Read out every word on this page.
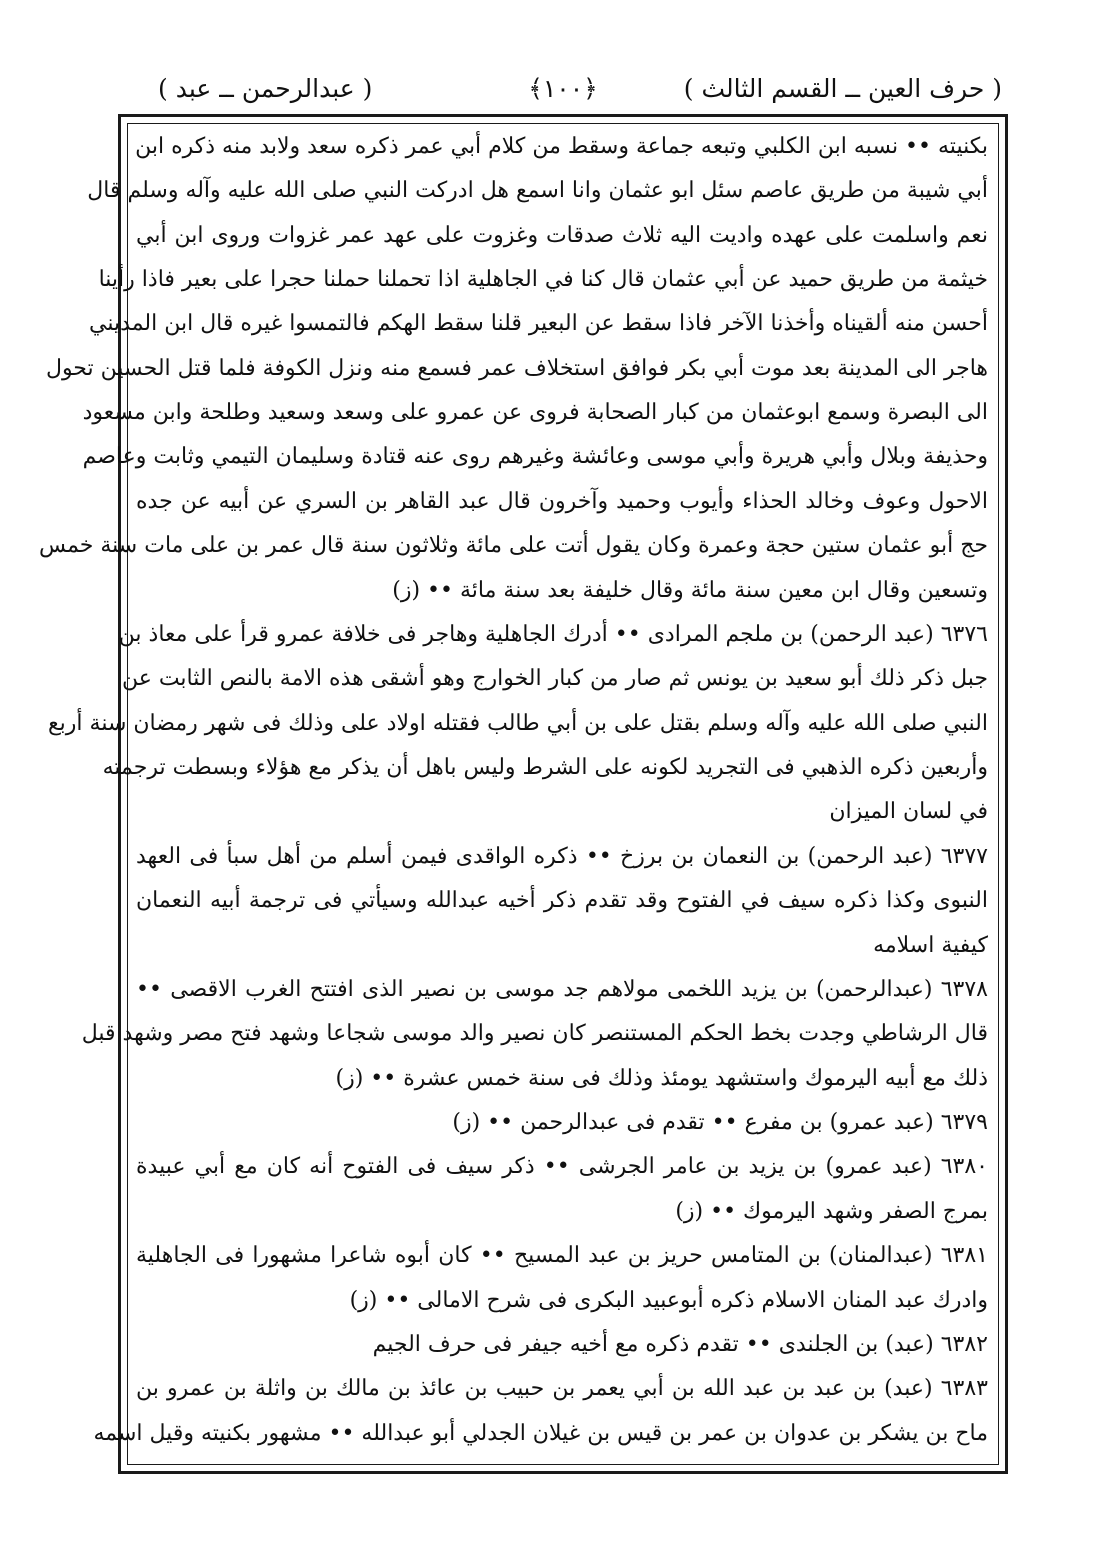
( حرف العين ــ القسم الثالث )
﴿١٠٠﴾
( عبدالرحمن ــ عبد )
بكنيته •• نسبه ابن الكلبي وتبعه جماعة وسقط من كلام أبي عمر ذكره سعد ولابد منه ذكره ابن
أبي شيبة من طريق عاصم سئل ابو عثمان وانا اسمع هل ادركت النبي صلى الله عليه وآله وسلم قال
نعم واسلمت على عهده واديت اليه ثلاث صدقات وغزوت على عهد عمر غزوات وروى ابن أبي
خيثمة من طريق حميد عن أبي عثمان قال كنا في الجاهلية اذا تحملنا حملنا حجرا على بعير فاذا رأينا
أحسن منه ألقيناه وأخذنا الآخر فاذا سقط عن البعير قلنا سقط الهكم فالتمسوا غيره قال ابن المديني
هاجر الى المدينة بعد موت أبي بكر فوافق استخلاف عمر فسمع منه ونزل الكوفة فلما قتل الحسين تحول
الى البصرة وسمع ابوعثمان من كبار الصحابة فروى عن عمرو على وسعد وسعيد وطلحة وابن مسعود
وحذيفة وبلال وأبي هريرة وأبي موسى وعائشة وغيرهم روى عنه قتادة وسليمان التيمي وثابت وعاصم
الاحول وعوف وخالد الحذاء وأيوب وحميد وآخرون قال عبد القاهر بن السري عن أبيه عن جده
حج أبو عثمان ستين حجة وعمرة وكان يقول أتت على مائة وثلاثون سنة قال عمر بن على مات سنة خمس
وتسعين وقال ابن معين سنة مائة وقال خليفة بعد سنة مائة •• (ز)
٦٣٧٦ (عبد الرحمن) بن ملجم المرادى •• أدرك الجاهلية وهاجر فى خلافة عمرو قرأ على معاذ بن
جبل ذكر ذلك أبو سعيد بن يونس ثم صار من كبار الخوارج وهو أشقى هذه الامة بالنص الثابت عن
النبي صلى الله عليه وآله وسلم بقتل على بن أبي طالب فقتله اولاد على وذلك فى شهر رمضان سنة أربع
وأربعين ذكره الذهبي فى التجريد لكونه على الشرط وليس باهل أن يذكر مع هؤلاء وبسطت ترجمته
في لسان الميزان
٦٣٧٧ (عبد الرحمن) بن النعمان بن برزخ •• ذكره الواقدى فيمن أسلم من أهل سبأ فى العهد
النبوى وكذا ذكره سيف في الفتوح وقد تقدم ذكر أخيه عبدالله وسيأتي فى ترجمة أبيه النعمان
كيفية اسلامه
٦٣٧٨ (عبدالرحمن) بن يزيد اللخمى مولاهم جد موسى بن نصير الذى افتتح الغرب الاقصى ••
قال الرشاطي وجدت بخط الحكم المستنصر كان نصير والد موسى شجاعا وشهد فتح مصر وشهد قبل
ذلك مع أبيه اليرموك واستشهد يومئذ وذلك فى سنة خمس عشرة •• (ز)
٦٣٧٩ (عبد عمرو) بن مفرع •• تقدم فى عبدالرحمن •• (ز)
٦٣٨٠ (عبد عمرو) بن يزيد بن عامر الجرشى •• ذكر سيف فى الفتوح أنه كان مع أبي عبيدة
بمرج الصفر وشهد اليرموك •• (ز)
٦٣٨١ (عبدالمنان) بن المتامس حريز بن عبد المسيح •• كان أبوه شاعرا مشهورا فى الجاهلية
وادرك عبد المنان الاسلام ذكره أبوعبيد البكرى فى شرح الامالى •• (ز)
٦٣٨٢ (عبد) بن الجلندى •• تقدم ذكره مع أخيه جيفر فى حرف الجيم
٦٣٨٣ (عبد) بن عبد بن عبد الله بن أبي يعمر بن حبيب بن عائذ بن مالك بن واثلة بن عمرو بن
ماح بن يشكر بن عدوان بن عمر بن قيس بن غيلان الجدلي أبو عبدالله •• مشهور بكنيته وقيل اسمه
